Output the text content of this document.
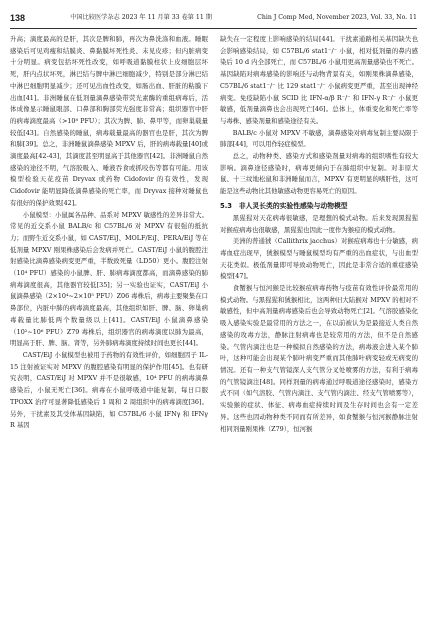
138	中国比较医学杂志 2023 年 11 月第 33 卷第 11 期	Chin J Comp Med, November 2023, Vol. 33, No. 11

升高；滴度最高的是肝，其次是脾和肺，再次为鼻洗涤和血液。睡眠感染后可见鸡瘦和结膜炎、鼻黏膜坏死性炎、未见皮疹；但内脏病变十分明显。病变包括坏死性改变，如呼吸道黏膜柱状上皮细胞层坏死，肝内点状坏死，淋巴结与脾中淋巴细胞减少，特别是部分淋巴结中淋巴细胞明显减少；还可见出血性改变，如肠出血、肝脏的粘膜下出血[41]。非洲睡鼠在低剂量滴鼻感染带荧光素酶的重组病毒后，活体成像显示睡鼠眼部、口鼻部和胸部荧光强度非常高；组织器官中肝的病毒滴度最高（>10⁸ PFU）；其次为脾、肺、鼻甲等，而卵巢载量较低[43]。自然感染的睡鼠，病毒载量最高的器官也是肝，其次为脾和肺[39]。总之，非洲睡鼠滴鼻感染 MPXV 后，肝的病毒载量[40]或滴度最高[42-43]，其滴度甚至明显高于其他器官[42]。非洲睡鼠自然感染的途径不明，气溶胶吸入、唾液吞食或抓咬伤等都有可能。用该模型检验天花疫苗 Dryvax 或药物 Cidofovir 的有效性，发现 Cidofovir 能明显降低滴鼻感染的死亡率，而 Dryvax 接种对睡鼠也有很好的保护效果[42]。

小鼠模型：小鼠属各品种、品系对 MPXV 敏感性的差异非常大。常见的近交系小鼠 BALB/c 和 C57BL/6 对 MPXV 有很强的抵抗力；而野生近交系小鼠，如 CAST/EiJ、MOLF/EiJ、PERA/EiJ 等在低剂量 MPXV 刚果株感染后会发病并死亡。CAST/EiJ 小鼠的腹腔注射感染比滴鼻感染病变更严重，半数致死量（LD50）更小。腹腔注射（10⁴ PFU）感染的小鼠脾、肝、肺病毒滴度都高，而滴鼻感染的肺病毒滴度很高，其他器官较低[35]；另一实验也证实，CAST/EiJ 小鼠滴鼻感染（2×10⁴~2×10⁵ PFU）Z06 毒株后，病毒主要聚集在口鼻部位，内脏中肺的病毒滴度最高，其他组织如肝、脾、脑、卵巢病毒载量比肺低两个数量级以上[41]。CAST/EiJ 小鼠滴鼻感染（10²~10⁶ PFU）Z79 毒株后，组织器官的病毒滴度以肺为最高，明显高于肝、脾、脑、肾等，另外肺病毒滴度持续时间也更长[44]。

CAST/EiJ 小鼠模型也被用于药物的有效性评价，如细胞因子 IL-15 注射被证实对 MPXV 的腹腔感染有明显的保护作用[45]。也有研究表明，CAST/EiJ 对 MPXV 并不是很敏感，10⁴ PFU 的病毒滴鼻感染后，小鼠无死亡[36]。病毒在小鼠呼吸道中能复制，每日口服 TPOXX 治疗可显著降低感染后 1 周和 2 周组织中的病毒滴度[36]。另外，干扰素及其受体基因缺陷，如 C57BL/6 小鼠 IFNγ 和 IFNγ R 基因

缺失在一定程度上影响感染的结局[44]。干扰素通路相关基因缺失也会影响感染结局，如 C57BL/6 stat1⁻/⁻ 小鼠，相对低剂量的鼻内感染后 10 d 内全部死亡，而 C57BL/6 小鼠用更高剂量感染也不死亡。基因缺陷对病毒感染的影响还与动物背景有关，如刚果株滴鼻感染，C57BL/6 stat1⁻/⁻ 比 129 stat1⁻/⁻ 小鼠病变更严重，甚至出现神经病变。免疫缺陷小鼠 SCID 比 IFN-α/β R⁻/⁻ 和 IFN-γ R⁻/⁻ 小鼠更敏感，低剂量滴鼻也会出现死亡[46]。总体上，体重变化和死亡率等与毒株、感染剂量和感染途径有关。

BALB/c 小鼠对 MPXV 不敏感，滴鼻感染对病毒复制主要局限于肺部[44]，可以用作轻症模型。

总之，动物种类、感染方式和感染剂量对病毒的组织嗜性有较大影响。滴鼻途径感染时，病毒更倾向于在肺组织中复制。对非原犬鼠、十三纹地松鼠和非洲睡鼠而言，MPXV 有更明显的嗜肝性，这可能是这些动物比其他敏感动物更容易死亡的原因。

5.3　非人灵长类的实验性感染与动物模型

黑猩猩对天花病毒很敏感，是理想的模式动物。后来发现黑猩猩对猴痘病毒也很敏感，黑猩猩也因此一度作为猴痘的模式动物。

美洲的普通狨（Callithrix jacchus）对猴痘病毒也十分敏感，病毒血症出现早，狨猴模型与睡鼠模型均有严重的出血症状，与出血型天花类似。极低剂量即可导致动物死亡，因此是非常合适的重症感染模型[47]。

食蟹猴与恒河猴是比较猴痘病毒药物与疫苗有效性评价最常用的模式动物。与黑猩猩和狨猴相比，这两种旧大陆猴对 MPXV 的相对不敏感性，但中高剂量病毒感染后也会导致动物死亡[2]。气溶胶感染化吸入感染实验是最常用的方法之一，在以前被认为是最接近人类自然感染的攻毒方法，静脉注射病毒也是较常用的方法，但不是自然感染。气管内滴注也是一种模拟自然感染的方法，病毒液会进入某个肺叶，这种可能会出现某个肺叶病变严重而其他肺叶病变轻或无病变的情况。还有一种支气管镜深人支气管分叉处喷雾的方法，有利于病毒的气管镜滴注[48]。同样剂量的病毒通过呼吸道途径感染时，感染方式不同（如气溶胶、气管内滴注、支气管内滴注、经支气管喷雾等），实验猴的症状、体征、病毒血症持续时间及生存时间也会有一定差异。这些也因动物种类不同而有所差异，如食蟹猴与恒河猴静脉注射相同剂量刚果株（Z79），恒河猴
